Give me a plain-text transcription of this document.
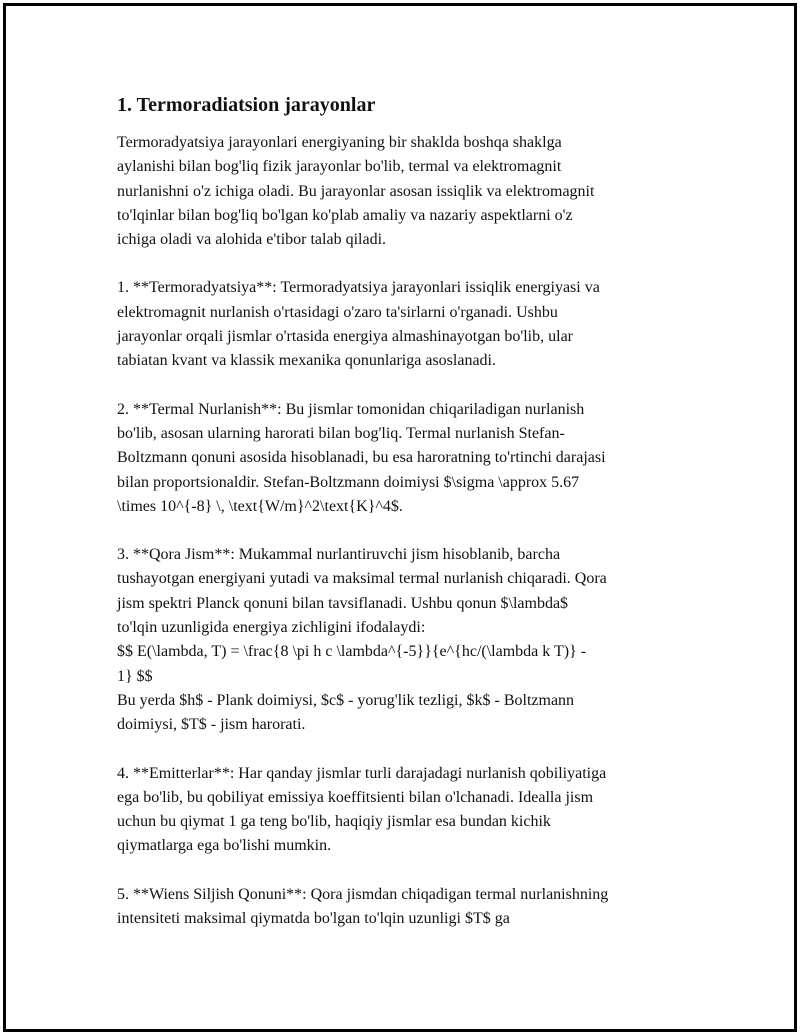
1. Termoradiatsion jarayonlar

Termoradyatsiya jarayonlari energiyaning bir shaklda boshqa shaklga
aylanishi bilan bog'liq fizik jarayonlar bo'lib, termal va elektromagnit
nurlanishni o'z ichiga oladi. Bu jarayonlar asosan issiqlik va elektromagnit
to'lqinlar bilan bog'liq bo'lgan ko'plab amaliy va nazariy aspektlarni o'z
ichiga oladi va alohida e'tibor talab qiladi.

1. **Termoradyatsiya**: Termoradyatsiya jarayonlari issiqlik energiyasi va
elektromagnit nurlanish o'rtasidagi o'zaro ta'sirlarni o'rganadi. Ushbu
jarayonlar orqali jismlar o'rtasida energiya almashinayotgan bo'lib, ular
tabiatan kvant va klassik mexanika qonunlariga asoslanadi.

2. **Termal Nurlanish**: Bu jismlar tomonidan chiqariladigan nurlanish
bo'lib, asosan ularning harorati bilan bog'liq. Termal nurlanish Stefan-
Boltzmann qonuni asosida hisoblanadi, bu esa haroratning to'rtinchi darajasi
bilan proportsionaldir. Stefan-Boltzmann doimiysi $\sigma \approx 5.67
\times 10^{-8} \, \text{W/m}^2\text{K}^4$.

3. **Qora Jism**: Mukammal nurlantiruvchi jism hisoblanib, barcha
tushayotgan energiyani yutadi va maksimal termal nurlanish chiqaradi. Qora
jism spektri Planck qonuni bilan tavsiflanadi. Ushbu qonun $\lambda$
to'lqin uzunligida energiya zichligini ifodalaydi:
$$ E(\lambda, T) = \frac{8 \pi h c \lambda^{-5}}{e^{hc/(\lambda k T)} -
1} $$
Bu yerda $h$ - Plank doimiysi, $c$ - yorug'lik tezligi, $k$ - Boltzmann
doimiysi, $T$ - jism harorati.

4. **Emitterlar**: Har qanday jismlar turli darajadagi nurlanish qobiliyatiga
ega bo'lib, bu qobiliyat emissiya koeffitsienti bilan o'lchanadi. Idealla jism
uchun bu qiymat 1 ga teng bo'lib, haqiqiy jismlar esa bundan kichik
qiymatlarga ega bo'lishi mumkin.

5. **Wiens Siljish Qonuni**: Qora jismdan chiqadigan termal nurlanishning
intensiteti maksimal qiymatda bo'lgan to'lqin uzunligi $T$ ga
